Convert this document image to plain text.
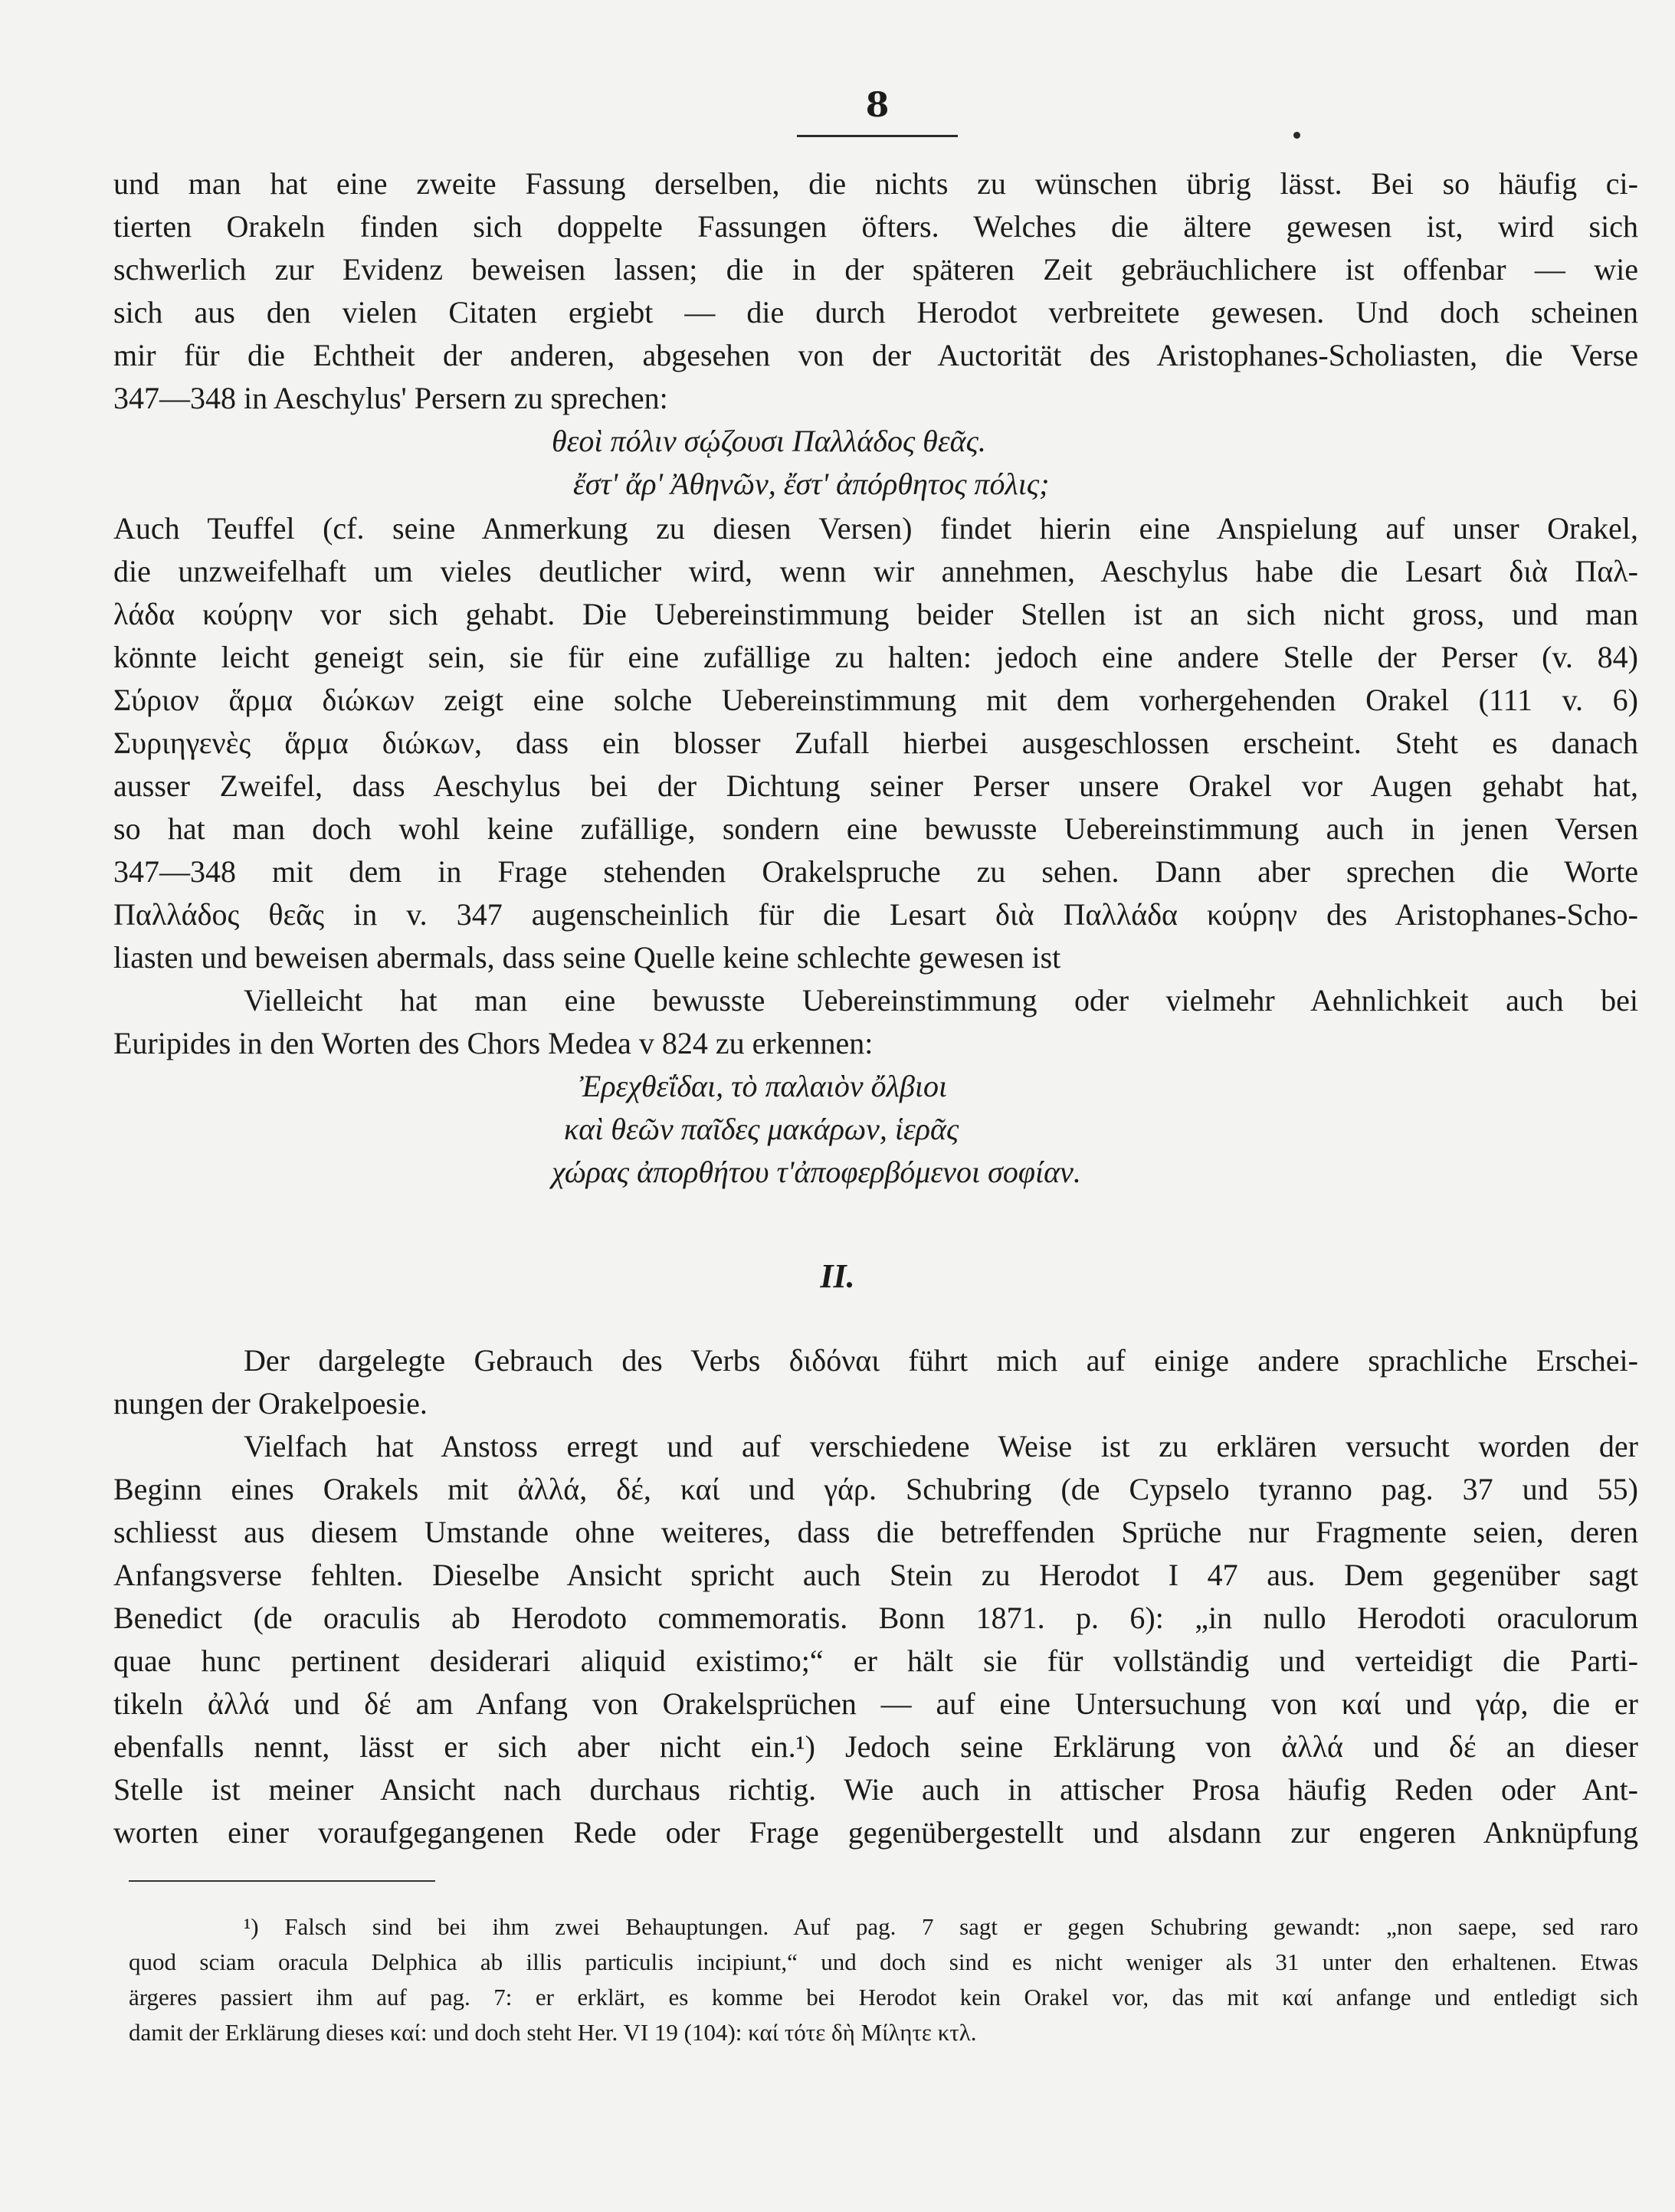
8
und man hat eine zweite Fassung derselben, die nichts zu wünschen übrig lässt. Bei so häufig ci-
tierten Orakeln finden sich doppelte Fassungen öfters. Welches die ältere gewesen ist, wird sich
schwerlich zur Evidenz beweisen lassen; die in der späteren Zeit gebräuchlichere ist offenbar — wie
sich aus den vielen Citaten ergiebt — die durch Herodot verbreitete gewesen. Und doch scheinen
mir für die Echtheit der anderen, abgesehen von der Auctorität des Aristophanes-Scholiasten, die Verse
347—348 in Aeschylus' Persern zu sprechen:
θεοὶ πόλιν σῴζουσι Παλλάδος θεᾶς.
ἔστ' ἄρ' Ἀθηνῶν, ἔστ' ἀπόρθητος πόλις;
Auch Teuffel (cf. seine Anmerkung zu diesen Versen) findet hierin eine Anspielung auf unser Orakel,
die unzweifelhaft um vieles deutlicher wird, wenn wir annehmen, Aeschylus habe die Lesart διὰ Παλ-
λάδα κούρην vor sich gehabt. Die Uebereinstimmung beider Stellen ist an sich nicht gross, und man
könnte leicht geneigt sein, sie für eine zufällige zu halten: jedoch eine andere Stelle der Perser (v. 84)
Σύριον ἅρμα διώκων zeigt eine solche Uebereinstimmung mit dem vorhergehenden Orakel (111 v. 6)
Συριηγενὲς ἅρμα διώκων, dass ein blosser Zufall hierbei ausgeschlossen erscheint. Steht es danach
ausser Zweifel, dass Aeschylus bei der Dichtung seiner Perser unsere Orakel vor Augen gehabt hat,
so hat man doch wohl keine zufällige, sondern eine bewusste Uebereinstimmung auch in jenen Versen
347—348 mit dem in Frage stehenden Orakelspruche zu sehen. Dann aber sprechen die Worte
Παλλάδος θεᾶς in v. 347 augenscheinlich für die Lesart διὰ Παλλάδα κούρην des Aristophanes-Scho-
liasten und beweisen abermals, dass seine Quelle keine schlechte gewesen ist
Vielleicht hat man eine bewusste Uebereinstimmung oder vielmehr Aehnlichkeit auch bei
Euripides in den Worten des Chors Medea v 824 zu erkennen:
Ἐρεχθεΐδαι, τὸ παλαιὸν ὄλβιοι
καὶ θεῶν παῖδες μακάρων, ἱερᾶς
χώρας ἀπορθήτου τ'ἀποφερβόμενοι σοφίαν.
II.
Der dargelegte Gebrauch des Verbs διδόναι führt mich auf einige andere sprachliche Erschei-
nungen der Orakelpoesie.
Vielfach hat Anstoss erregt und auf verschiedene Weise ist zu erklären versucht worden der
Beginn eines Orakels mit ἀλλά, δέ, καί und γάρ. Schubring (de Cypselo tyranno pag. 37 und 55)
schliesst aus diesem Umstande ohne weiteres, dass die betreffenden Sprüche nur Fragmente seien, deren
Anfangsverse fehlten. Dieselbe Ansicht spricht auch Stein zu Herodot I 47 aus. Dem gegenüber sagt
Benedict (de oraculis ab Herodoto commemoratis. Bonn 1871. p. 6): „in nullo Herodoti oraculorum
quae hunc pertinent desiderari aliquid existimo;“ er hält sie für vollständig und verteidigt die Parti-
tikeln ἀλλά und δέ am Anfang von Orakelsprüchen — auf eine Untersuchung von καί und γάρ, die er
ebenfalls nennt, lässt er sich aber nicht ein.¹) Jedoch seine Erklärung von ἀλλά und δέ an dieser
Stelle ist meiner Ansicht nach durchaus richtig. Wie auch in attischer Prosa häufig Reden oder Ant-
worten einer voraufgegangenen Rede oder Frage gegenübergestellt und alsdann zur engeren Anknüpfung
¹) Falsch sind bei ihm zwei Behauptungen. Auf pag. 7 sagt er gegen Schubring gewandt: „non saepe, sed raro
quod sciam oracula Delphica ab illis particulis incipiunt,“ und doch sind es nicht weniger als 31 unter den erhaltenen. Etwas
ärgeres passiert ihm auf pag. 7: er erklärt, es komme bei Herodot kein Orakel vor, das mit καί anfange und entledigt sich
damit der Erklärung dieses καί: und doch steht Her. VI 19 (104): καί τότε δὴ Μίλητε κτλ.
